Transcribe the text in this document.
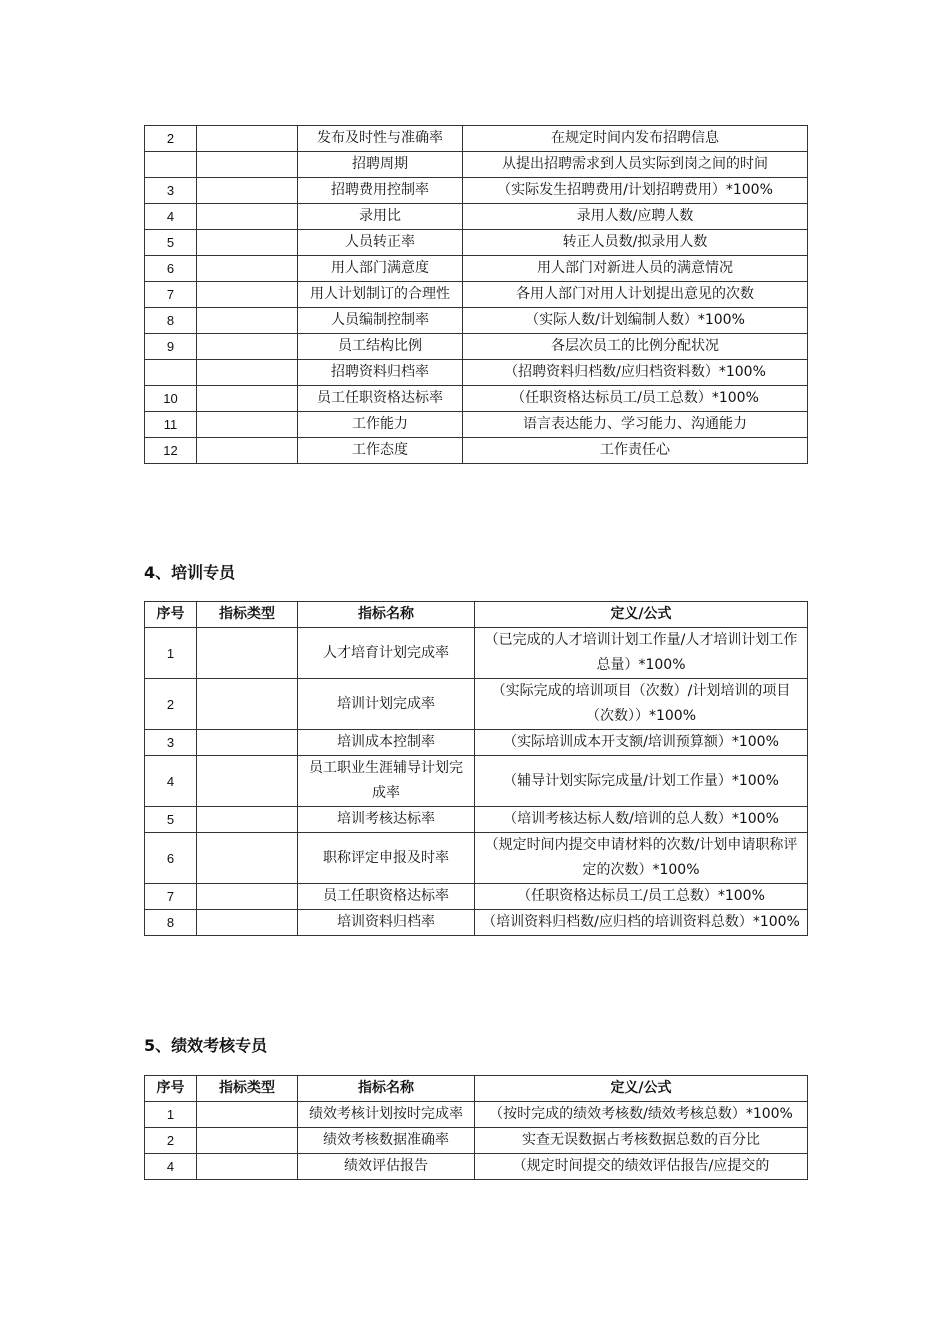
2		发布及时性与准确率	在规定时间内发布招聘信息
		招聘周期	从提出招聘需求到人员实际到岗之间的时间
3		招聘费用控制率	（实际发生招聘费用/计划招聘费用）*100%
4		录用比	录用人数/应聘人数
5		人员转正率	转正人员数/拟录用人数
6		用人部门满意度	用人部门对新进人员的满意情况
7		用人计划制订的合理性	各用人部门对用人计划提出意见的次数
8		人员编制控制率	（实际人数/计划编制人数）*100%
9		员工结构比例	各层次员工的比例分配状况
		招聘资料归档率	（招聘资料归档数/应归档资料数）*100%
10		员工任职资格达标率	（任职资格达标员工/员工总数）*100%
11		工作能力	语言表达能力、学习能力、沟通能力
12		工作态度	工作责任心
4、培训专员
序号	指标类型	指标名称	定义/公式
1		人才培育计划完成率	（已完成的人才培训计划工作量/人才培训计划工作总量）*100%
2		培训计划完成率	（实际完成的培训项目（次数）/计划培训的项目（次数））*100%
3		培训成本控制率	（实际培训成本开支额/培训预算额）*100%
4		员工职业生涯辅导计划完成率	（辅导计划实际完成量/计划工作量）*100%
5		培训考核达标率	（培训考核达标人数/培训的总人数）*100%
6		职称评定申报及时率	（规定时间内提交申请材料的次数/计划申请职称评定的次数）*100%
7		员工任职资格达标率	（任职资格达标员工/员工总数）*100%
8		培训资料归档率	（培训资料归档数/应归档的培训资料总数）*100%
5、绩效考核专员
序号	指标类型	指标名称	定义/公式
1		绩效考核计划按时完成率	（按时完成的绩效考核数/绩效考核总数）*100%
2		绩效考核数据准确率	实查无误数据占考核数据总数的百分比
4		绩效评估报告	（规定时间提交的绩效评估报告/应提交的
